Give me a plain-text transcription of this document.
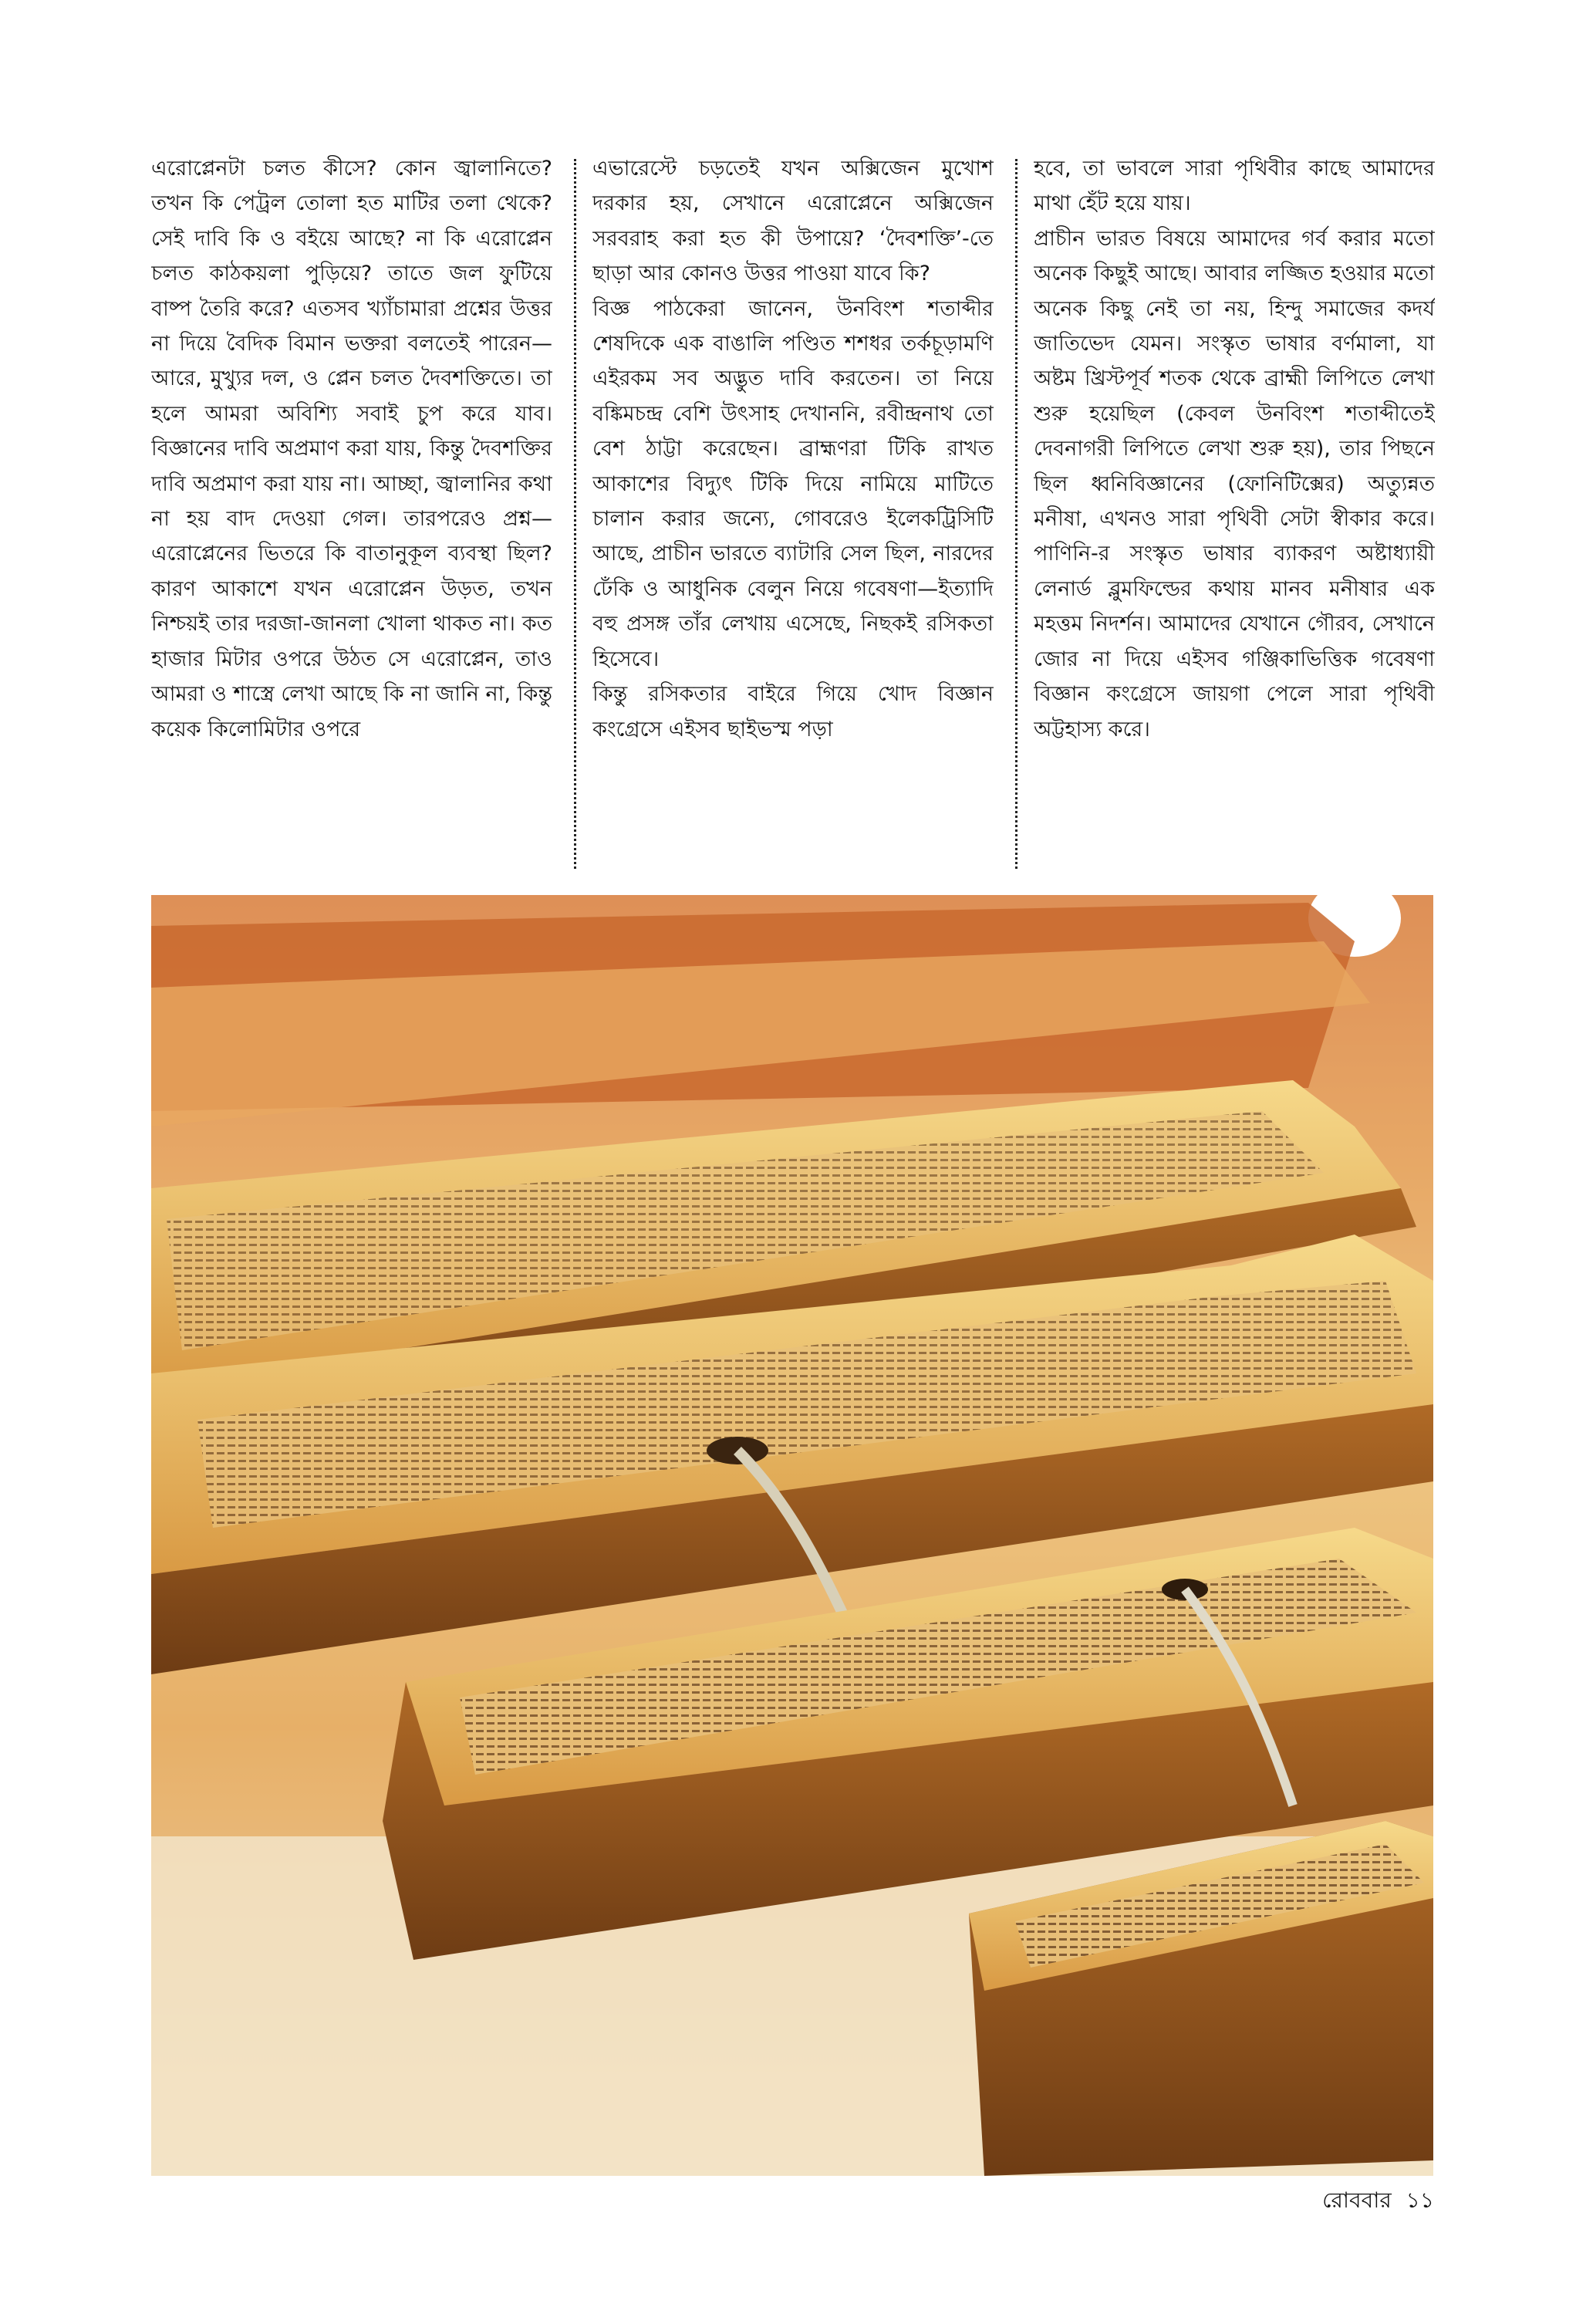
এরোপ্লেনটা চলত কীসে? কোন জ্বালানিতে? তখন কি পেট্রল তোলা হত মাটির তলা থেকে? সেই দাবি কি ও বইয়ে আছে? না কি এরোপ্লেন চলত কাঠকয়লা পুড়িয়ে? তাতে জল ফুটিয়ে বাষ্প তৈরি করে? এতসব খ্যাঁচামারা প্রশ্নের উত্তর না দিয়ে বৈদিক বিমান ভক্তরা বলতেই পারেন—আরে, মুখ্যুর দল, ও প্লেন চলত দৈবশক্তিতে। তা হলে আমরা অবিশ্যি সবাই চুপ করে যাব। বিজ্ঞানের দাবি অপ্রমাণ করা যায়, কিন্তু দৈবশক্তির দাবি অপ্রমাণ করা যায় না। আচ্ছা, জ্বালানির কথা না হয় বাদ দেওয়া গেল। তারপরেও প্রশ্ন—এরোপ্লেনের ভিতরে কি বাতানুকূল ব্যবস্থা ছিল? কারণ আকাশে যখন এরোপ্লেন উড়ত, তখন নিশ্চয়ই তার দরজা-জানলা খোলা থাকত না। কত হাজার মিটার ওপরে উঠত সে এরোপ্লেন, তাও আমরা ও শাস্ত্রে লেখা আছে কি না জানি না, কিন্তু কয়েক কিলোমিটার ওপরে
এভারেস্টে চড়তেই যখন অক্সিজেন মুখোশ দরকার হয়, সেখানে এরোপ্লেনে অক্সিজেন সরবরাহ করা হত কী উপায়ে? ‘দৈবশক্তি’-তে ছাড়া আর কোনও উত্তর পাওয়া যাবে কি?
বিজ্ঞ পাঠকেরা জানেন, উনবিংশ শতাব্দীর শেষদিকে এক বাঙালি পণ্ডিত শশধর তর্কচূড়ামণি এইরকম সব অদ্ভুত দাবি করতেন। তা নিয়ে বঙ্কিমচন্দ্র বেশি উৎসাহ দেখাননি, রবীন্দ্রনাথ তো বেশ ঠাট্টা করেছেন। ব্রাহ্মণরা টিকি রাখত আকাশের বিদ্যুৎ টিকি দিয়ে নামিয়ে মাটিতে চালান করার জন্যে, গোবরেও ইলেকট্রিসিটি আছে, প্রাচীন ভারতে ব্যাটারি সেল ছিল, নারদের ঢেঁকি ও আধুনিক বেলুন নিয়ে গবেষণা—ইত্যাদি বহু প্রসঙ্গ তাঁর লেখায় এসেছে, নিছকই রসিকতা হিসেবে।
কিন্তু রসিকতার বাইরে গিয়ে খোদ বিজ্ঞান কংগ্রেসে এইসব ছাইভস্ম পড়া
হবে, তা ভাবলে সারা পৃথিবীর কাছে আমাদের মাথা হেঁট হয়ে যায়।
প্রাচীন ভারত বিষয়ে আমাদের গর্ব করার মতো অনেক কিছুই আছে। আবার লজ্জিত হওয়ার মতো অনেক কিছু নেই তা নয়, হিন্দু সমাজের কদর্য জাতিভেদ যেমন। সংস্কৃত ভাষার বর্ণমালা, যা অষ্টম খ্রিস্টপূর্ব শতক থেকে ব্রাহ্মী লিপিতে লেখা শুরু হয়েছিল (কেবল উনবিংশ শতাব্দীতেই দেবনাগরী লিপিতে লেখা শুরু হয়), তার পিছনে ছিল ধ্বনিবিজ্ঞানের (ফোনিটিক্সের) অত্যুন্নত মনীষা, এখনও সারা পৃথিবী সেটা স্বীকার করে। পাণিনি-র সংস্কৃত ভাষার ব্যাকরণ অষ্টাধ্যায়ী লেনার্ড ব্লুমফিল্ডের কথায় মানব মনীষার এক মহত্তম নিদর্শন। আমাদের যেখানে গৌরব, সেখানে জোর না দিয়ে এইসব গঞ্জিকাভিত্তিক গবেষণা বিজ্ঞান কংগ্রেসে জায়গা পেলে সারা পৃথিবী অট্টহাস্য করে।
রোববার ১১
